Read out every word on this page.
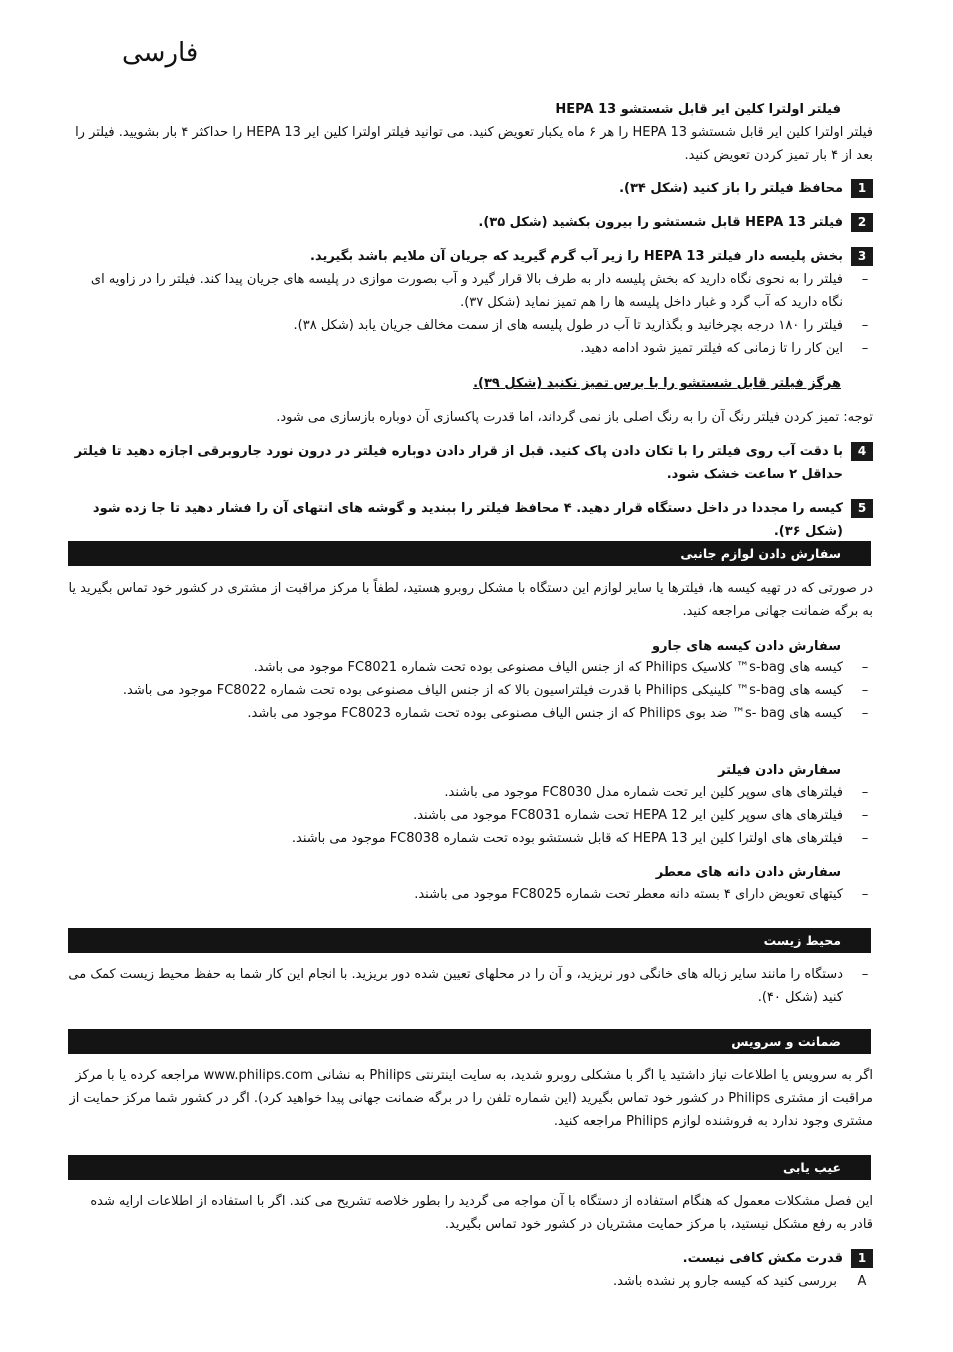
فارسی

فیلتر اولترا کلین ایر قابل شستشو HEPA 13

فیلتر اولترا کلین ایر قابل شستشو HEPA 13 را هر ۶ ماه یکبار تعویض کنید. می توانید فیلتر اولترا کلین ایر HEPA 13 را حداکثر ۴ بار بشویید. فیلتر را بعد از ۴ بار تمیز کردن تعویض کنید.

1
محافظ فیلتر را باز کنید (شکل ۳۴).
2
فیلتر HEPA 13 قابل شستشو را بیرون بکشید (شکل ۳۵).
3
بخش پلیسه دار فیلتر HEPA 13 را زیر آب گرم گیرید که جریان آن ملایم باشد بگیرید.
–
فیلتر را به نحوی نگاه دارید که بخش پلیسه دار به طرف بالا قرار گیرد و آب بصورت موازی در پلیسه های جریان پیدا کند. فیلتر را در زاویه ای نگاه دارید که آب گرد و غبار داخل پلیسه ها را هم تمیز نماید (شکل ۳۷).
–
فیلتر را ۱۸۰ درجه بچرخانید و بگذارید تا آب در طول پلیسه های از سمت مخالف جریان یابد (شکل ۳۸).
–
این کار را تا زمانی که فیلتر تمیز شود ادامه دهید.

هرگز فیلتر قابل شستشو را با برس تمیز نکنید (شکل ۳۹).

توجه: تمیز کردن فیلتر رنگ آن را به رنگ اصلی باز نمی گرداند، اما قدرت پاکسازی آن دوباره بازسازی می شود.

4
با دقت آب روی فیلتر را با تکان دادن پاک کنید. قبل از قرار دادن دوباره فیلتر در درون نورد جاروبرقی اجازه دهید تا فیلتر حداقل ۲ ساعت خشک شود.
5
کیسه را مجددا در داخل دستگاه قرار دهید. ۴ محافظ فیلتر را ببندید و گوشه های انتهای آن را فشار دهید تا جا زده شود (شکل ۳۶).
سفارش دادن لوازم جانبی

در صورتی که در تهیه کیسه ها، فیلترها یا سایر لوازم این دستگاه با مشکل روبرو هستید، لطفاً با مرکز مراقبت از مشتری در کشور خود تماس بگیرید یا به برگه ضمانت جهانی مراجعه کنید.

سفارش دادن کیسه های جارو
–
کیسه های s-bag™ کلاسیک Philips که از جنس الیاف مصنوعی بوده تحت شماره FC8021 موجود می باشد.
–
کیسه های s-bag™ کلینیکی Philips با قدرت فیلتراسیون بالا که از جنس الیاف مصنوعی بوده تحت شماره FC8022 موجود می باشد.
–
کیسه های s- bag™ ضد بوی Philips که از جنس الیاف مصنوعی بوده تحت شماره FC8023 موجود می باشد.
سفارش دادن فیلتر
–
فیلترهای های سوپر کلین ایر تحت شماره مدل FC8030 موجود می باشند.
–
فیلترهای های سوپر کلین ایر HEPA 12 تحت شماره FC8031 موجود می باشند.
–
فیلترهای های اولترا کلین ایر HEPA 13 که قابل شستشو بوده تحت شماره FC8038 موجود می باشند.
سفارش دادن دانه های معطر
–
کیتهای تعویض دارای ۴ بسته دانه معطر تحت شماره FC8025 موجود می باشند.
محیط زیست
–
دستگاه را مانند سایر زباله های خانگی دور نریزید، و آن را در محلهای تعیین شده دور بریزید. با انجام این کار شما به حفظ محیط زیست کمک می کنید (شکل ۴۰).
ضمانت و سرویس

اگر به سرویس یا اطلاعات نیاز داشتید یا اگر با مشکلی روبرو شدید، به سایت اینترنتی Philips به نشانی www.philips.com مراجعه کرده یا با مرکز مراقبت از مشتری Philips در کشور خود تماس بگیرید (این شماره تلفن را در برگه ضمانت جهانی پیدا خواهید کرد). اگر در کشور شما مرکز حمایت از مشتری وجود ندارد به فروشنده لوازم Philips مراجعه کنید.

عیب یابی

این فصل مشکلات معمول که هنگام استفاده از دستگاه با آن مواجه می گردید را بطور خلاصه تشریح می کند. اگر با استفاده از اطلاعات ارایه شده قادر به رفع مشکل نیستید، با مرکز حمایت مشتریان در کشور خود تماس بگیرید.

1
قدرت مکش کافی نیست.
A
بررسی کنید که کیسه جارو پر نشده باشد.
